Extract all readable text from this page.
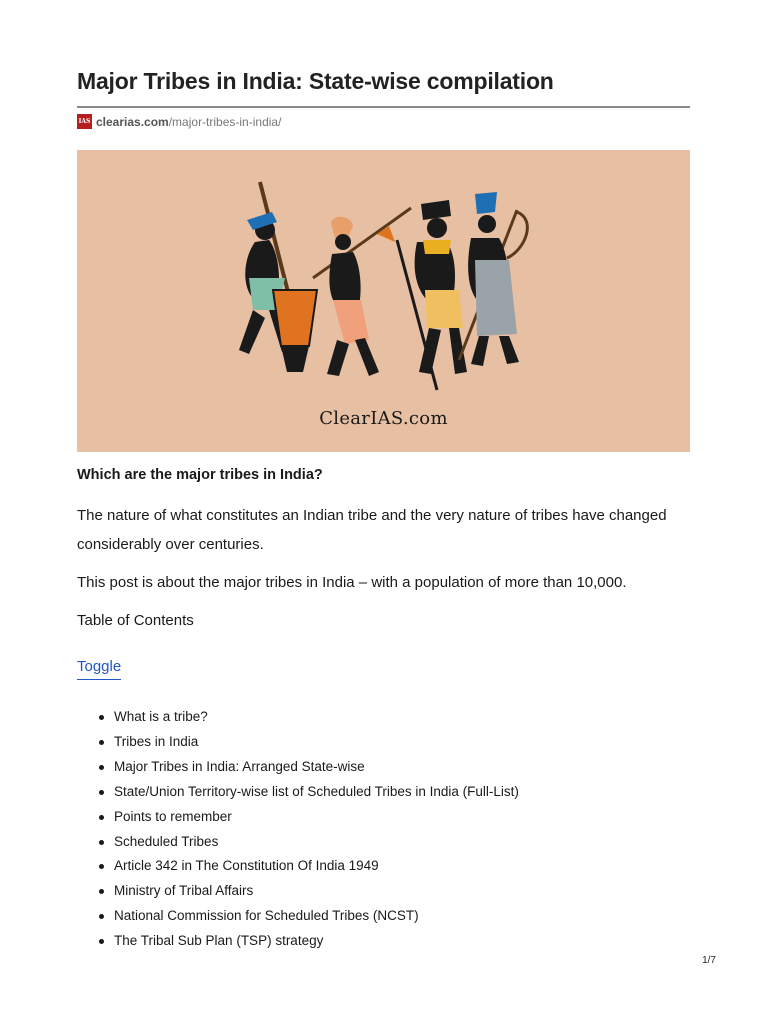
Major Tribes in India: State-wise compilation
IAS clearias.com /major-tribes-in-india/
ClearIAS.com

Which are the major tribes in India?

The nature of what constitutes an Indian tribe and the very nature of tribes have changed considerably over centuries.

This post is about the major tribes in India – with a population of more than 10,000.

Table of Contents

Toggle
What is a tribe?
Tribes in India
Major Tribes in India: Arranged State-wise
State/Union Territory-wise list of Scheduled Tribes in India (Full-List)
Points to remember
Scheduled Tribes
Article 342 in The Constitution Of India 1949
Ministry of Tribal Affairs
National Commission for Scheduled Tribes (NCST)
The Tribal Sub Plan (TSP) strategy
1/7
